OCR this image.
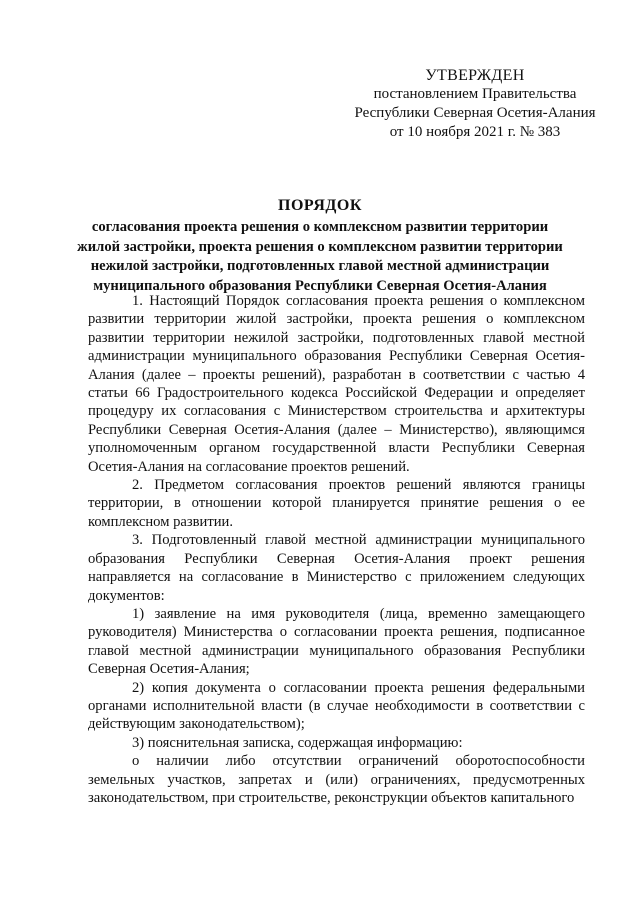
УТВЕРЖДЕН
постановлением Правительства
Республики Северная Осетия-Алания
от 10 ноября 2021 г. № 383
ПОРЯДОК
согласования проекта решения о комплексном развитии территории жилой застройки, проекта решения о комплексном развитии территории нежилой застройки, подготовленных главой местной администрации муниципального образования Республики Северная Осетия-Алания

1. Настоящий Порядок согласования проекта решения о комплексном развитии территории жилой застройки, проекта решения о комплексном развитии территории нежилой застройки, подготовленных главой местной администрации муниципального образования Республики Северная Осетия-Алания (далее – проекты решений), разработан в соответствии с частью 4 статьи 66 Градостроительного кодекса Российской Федерации и определяет процедуру их согласования с Министерством строительства и архитектуры Республики Северная Осетия-Алания (далее – Министерство), являющимся уполномоченным органом государственной власти Республики Северная Осетия-Алания на согласование проектов решений.

2. Предметом согласования проектов решений являются границы территории, в отношении которой планируется принятие решения о ее комплексном развитии.

3. Подготовленный главой местной администрации муниципального образования Республики Северная Осетия-Алания проект решения направляется на согласование в Министерство с приложением следующих документов:

1) заявление на имя руководителя (лица, временно замещающего руководителя) Министерства о согласовании проекта решения, подписанное главой местной администрации муниципального образования Республики Северная Осетия-Алания;

2) копия документа о согласовании проекта решения федеральными органами исполнительной власти (в случае необходимости в соответствии с действующим законодательством);

3) пояснительная записка, содержащая информацию:

о наличии либо отсутствии ограничений оборотоспособности земельных участков, запретах и (или) ограничениях, предусмотренных законодательством, при строительстве, реконструкции объектов капитального
